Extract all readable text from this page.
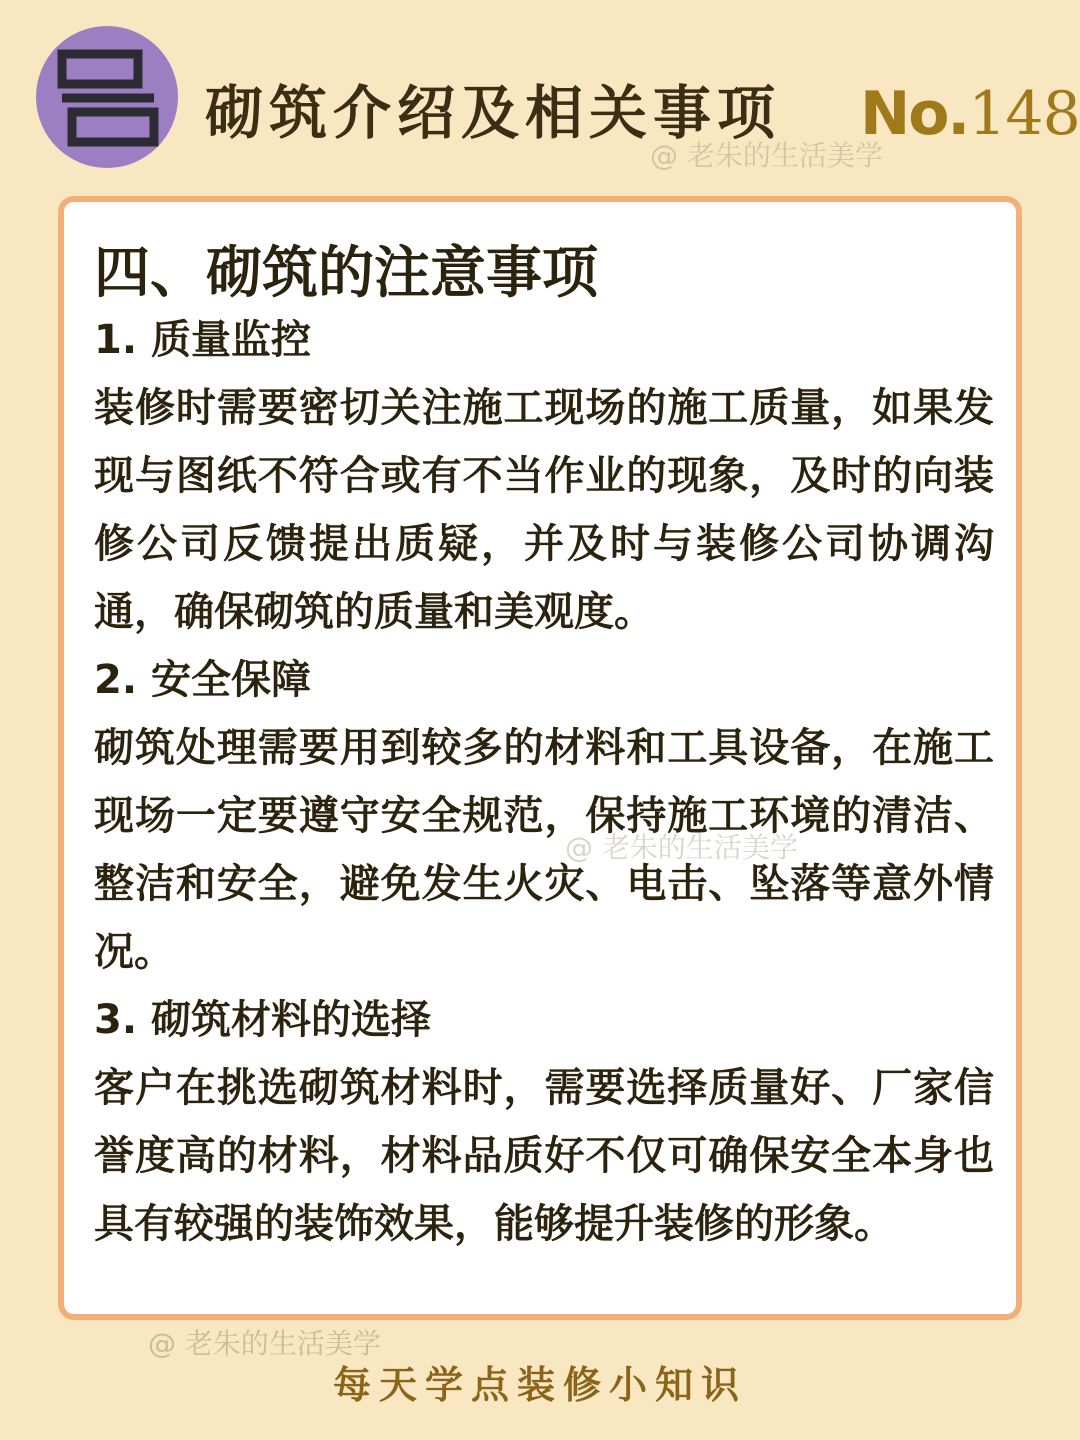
砌筑介绍及相关事项 No.148
@ 老朱的生活美学
四、砌筑的注意事项

1. 质量监控

装修时需要密切关注施工现场的施工质量，如果发现与图纸不符合或有不当作业的现象，及时的向装修公司反馈提出质疑，并及时与装修公司协调沟通，确保砌筑的质量和美观度。

2. 安全保障

砌筑处理需要用到较多的材料和工具设备，在施工现场一定要遵守安全规范，保持施工环境的清洁、整洁和安全，避免发生火灾、电击、坠落等意外情况。

3. 砌筑材料的选择

客户在挑选砌筑材料时，需要选择质量好、厂家信誉度高的材料，材料品质好不仅可确保安全本身也具有较强的装饰效果，能够提升装修的形象。

@ 老朱的生活美学
@ 老朱的生活美学
每天学点装修小知识
